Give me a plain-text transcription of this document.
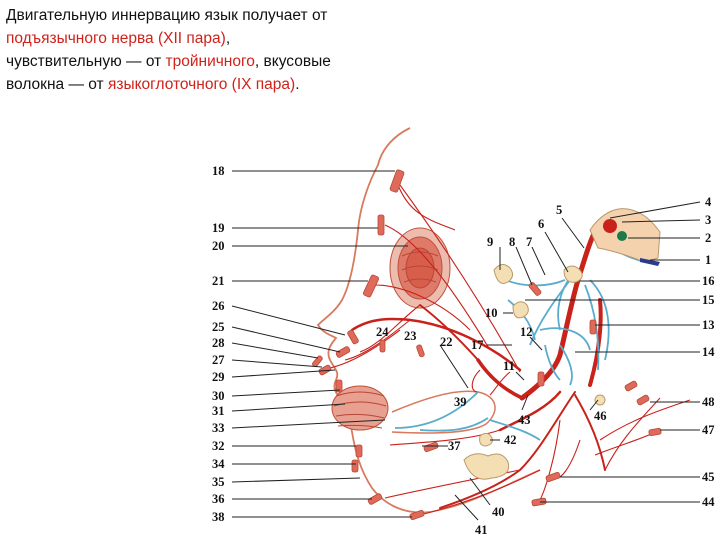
Двигательную иннервацию язык получает от подъязычного нерва (XII пара), чувствительную — от тройничного, вкусовые волокна — от языкоглоточного (IX пара).
18
19
20
21
26
25
28
27
29
30
31
33
32
34
35
36
38
4
3
2
1
16
15
13
14
48
47
45
44
5
6
9 8 7
10
12
11
17
24 23 22
39
43	46
42
37
40
41
